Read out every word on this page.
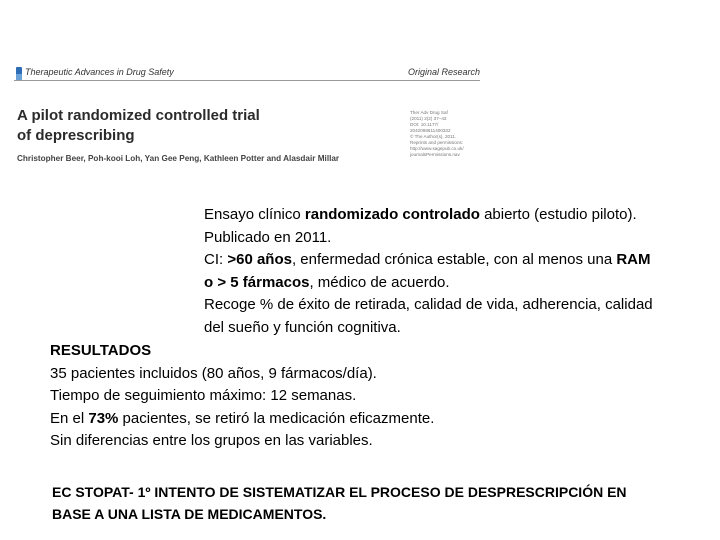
Therapeutic Advances in Drug Safety	Original Research
A pilot randomized controlled trial
of deprescribing
Christopher Beer, Poh-kooi Loh, Yan Gee Peng, Kathleen Potter and Alasdair Millar
Ther Adv Drug Saf
(2011) 2(2) 37–43
DOI: 10.1177/
2042098611400332
© The Author(s), 2011.
Reprints and permissions:
http://www.sagepub.co.uk/
journalsPermissions.nav
Ensayo clínico randomizado controlado abierto (estudio piloto).
Publicado en 2011.
CI: >60 años, enfermedad crónica estable, con al menos una RAM
o > 5 fármacos, médico de acuerdo.
Recoge % de éxito de retirada, calidad de vida, adherencia, calidad
del sueño y función cognitiva.
RESULTADOS
35 pacientes incluidos (80 años, 9 fármacos/día).
Tiempo de seguimiento máximo: 12 semanas.
En el 73% pacientes, se retiró la medicación eficazmente.
Sin diferencias entre los grupos en las variables.
EC STOPAT- 1º INTENTO DE SISTEMATIZAR EL PROCESO DE DESPRESCRIPCIÓN EN
BASE A UNA LISTA DE MEDICAMENTOS.
